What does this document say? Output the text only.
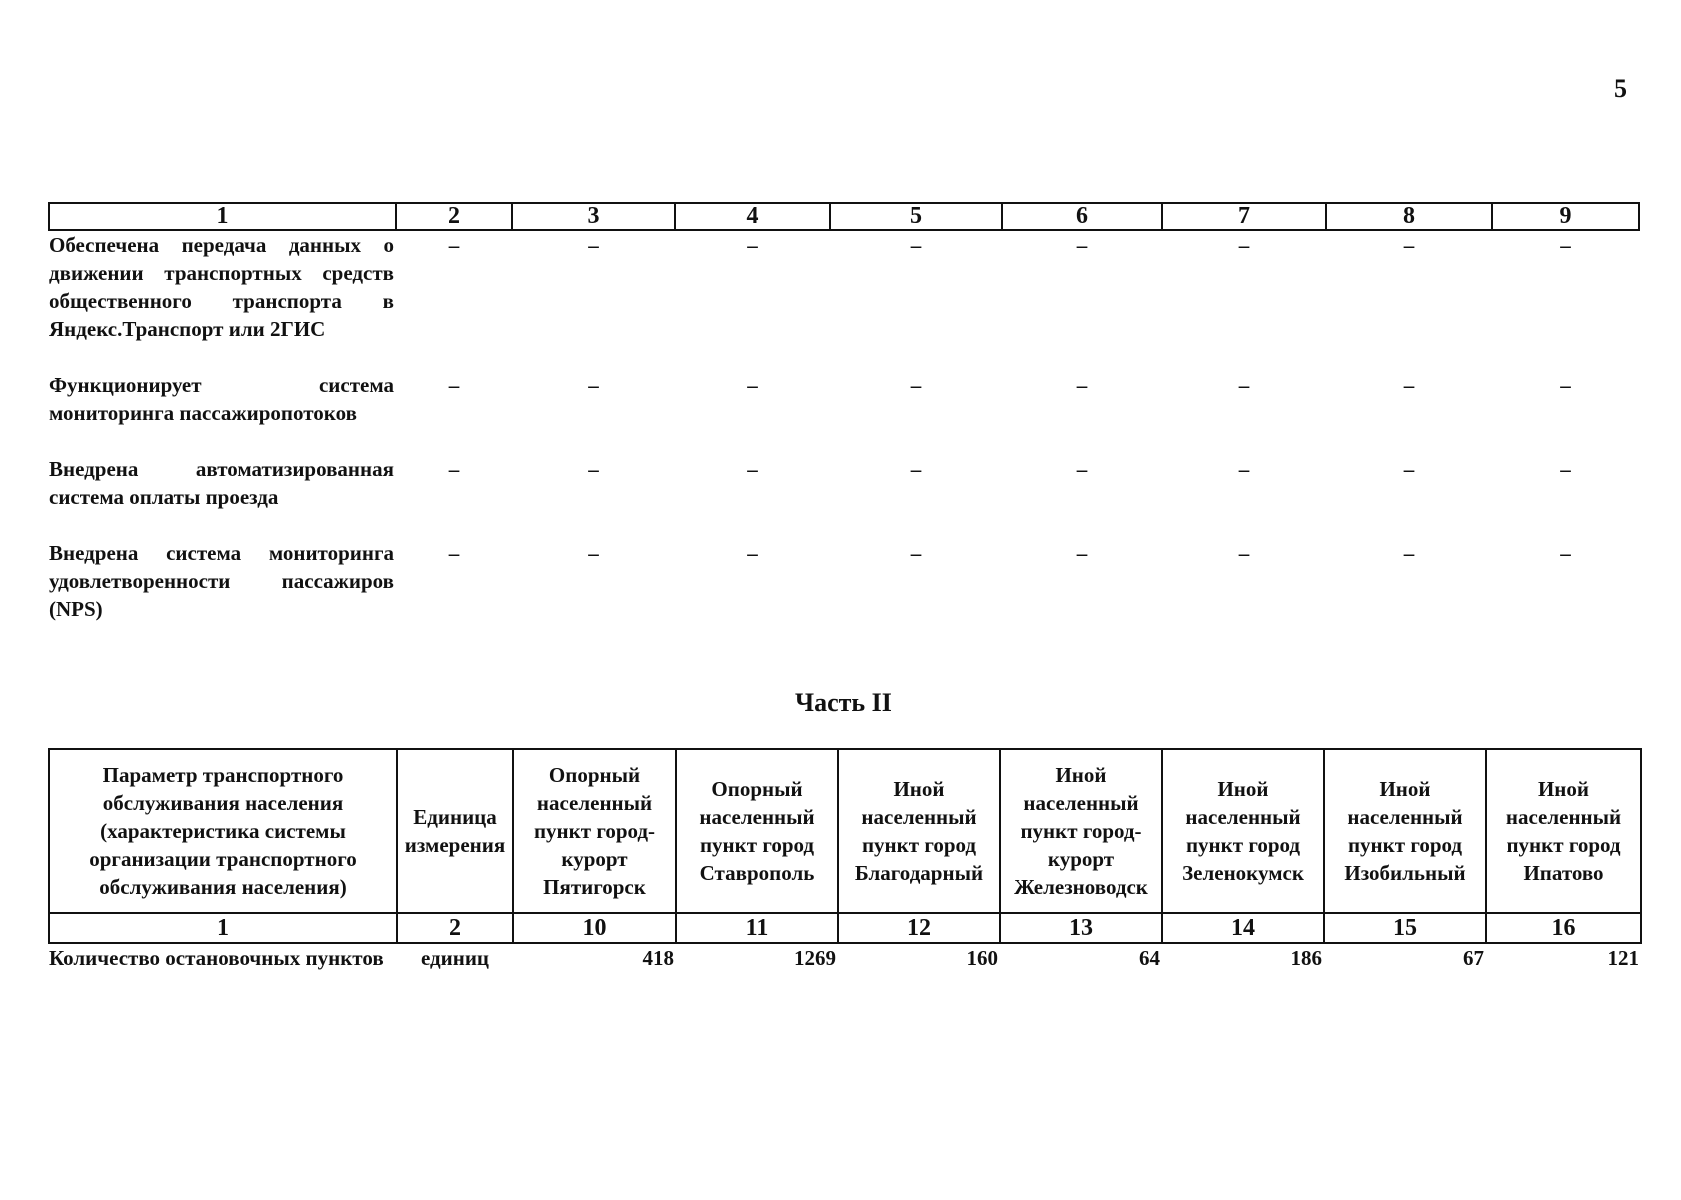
5
1	2	3	4	5	6	7	8	9
Обеспечена передача данных о движении транспортных средств общественного транспорта в Яндекс.Транспорт или 2ГИС	–	–	–	–	–	–	–	–

Функционирует система мониторинга пассажиропотоков	–	–	–	–	–	–	–	–

Внедрена автоматизированная система оплаты проезда	–	–	–	–	–	–	–	–

Внедрена система мониторинга удовлетворенности пассажиров (NPS)	–	–	–	–	–	–	–	–
Часть II
Параметр транспортного обслуживания населения (характеристика системы организации транспортного обслуживания населения)	Единица измерения	Опорный населенный пункт город-курорт Пятигорск	Опорный населенный пункт город Ставрополь	Иной населенный пункт город Благодарный	Иной населенный пункт город-курорт Железноводск	Иной населенный пункт город Зеленокумск	Иной населенный пункт город Изобильный	Иной населенный пункт город Ипатово
1	2	10	11	12	13	14	15	16
Количество остановочных пунктов	единиц	418	1269	160	64	186	67	121
